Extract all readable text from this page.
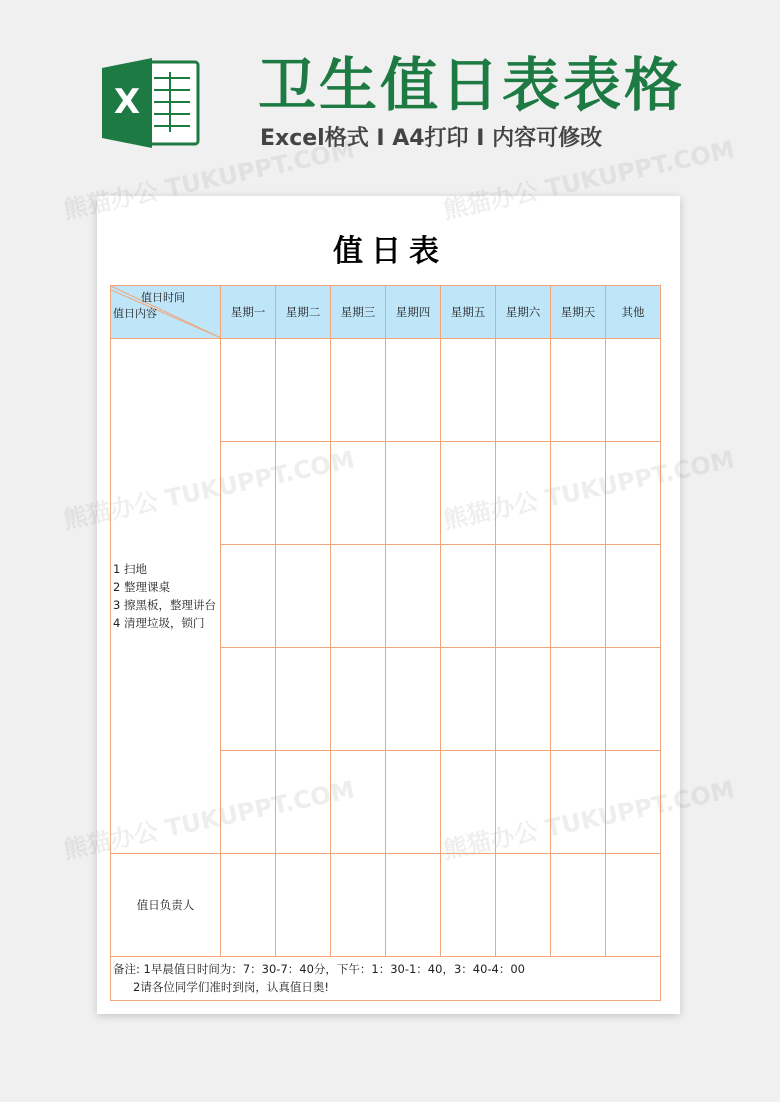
X 卫生值日表表格
Excel格式 I A4打印 I 内容可修改
熊猫办公 TUKUPPT.COM	熊猫办公 TUKUPPT.COM
值日表
值日时间
值日内容	星期一	星期二	星期三	星期四	星期五	星期六	星期天	其他

1 扫地
2 整理课桌
3 擦黑板，整理讲台
4 清理垃圾，锁门								

值日负责人								

备注: 1早晨值日时间为：7：30-7：40分，下午：1：30-1：40，3：40-4：00
2请各位同学们准时到岗，认真值日奥!								
